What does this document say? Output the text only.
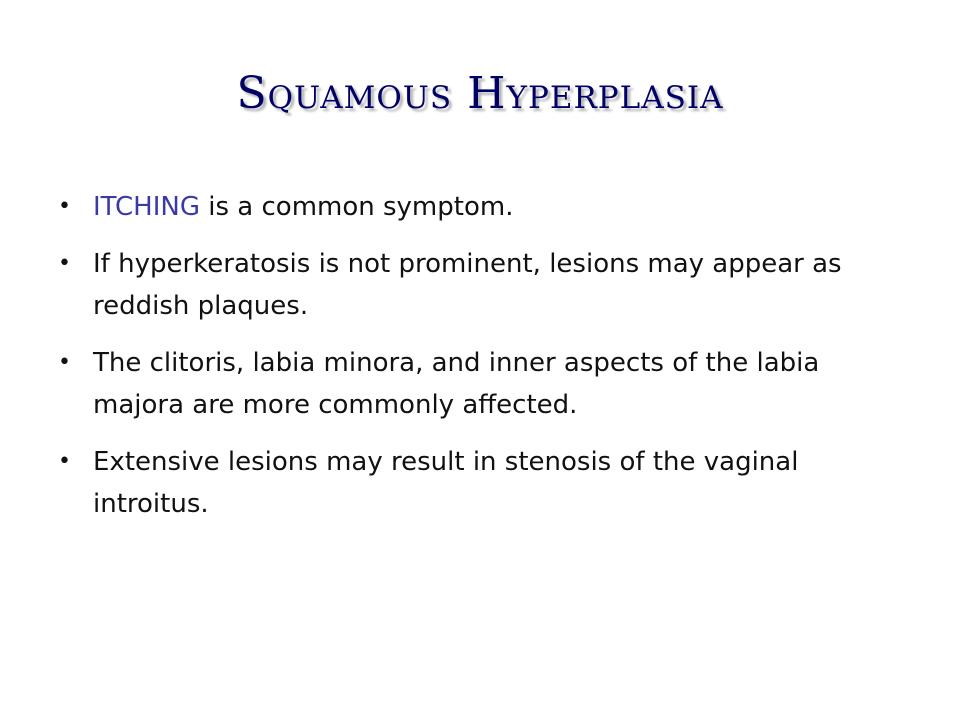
Squamous Hyperplasia
• ITCHING is a common symptom.
• If hyperkeratosis is not prominent, lesions may appear as reddish plaques.
• The clitoris, labia minora, and inner aspects of the labia majora are more commonly affected.
• Extensive lesions may result in stenosis of the vaginal introitus.
